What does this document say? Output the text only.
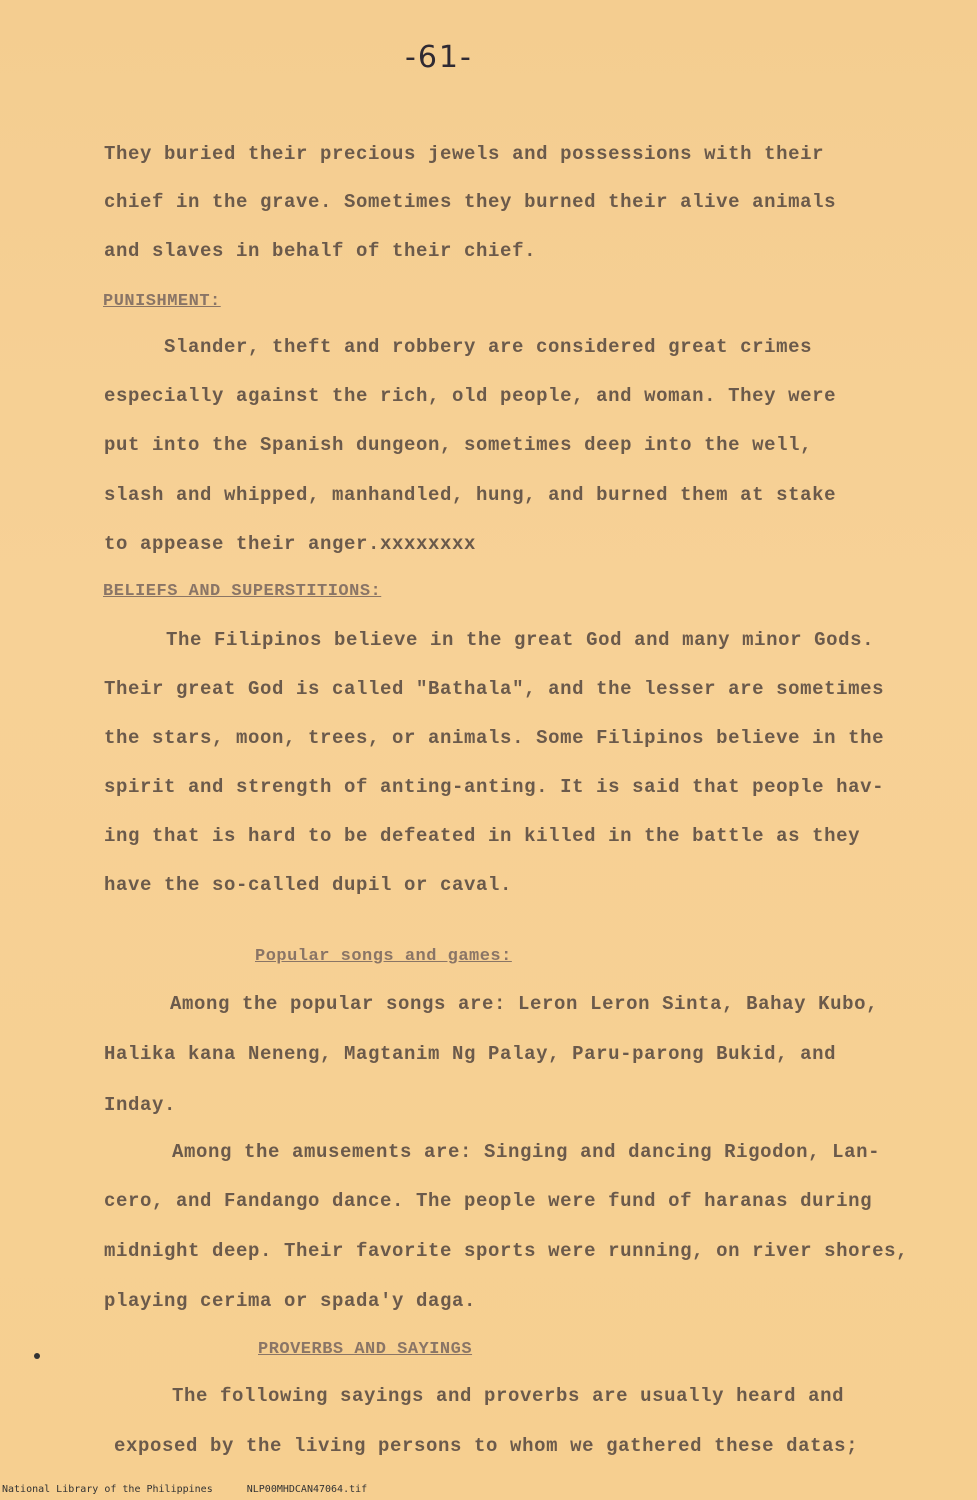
-61-
They buried their precious jewels and possessions with their
chief in the grave. Sometimes they burned their alive animals
and slaves in behalf of their chief.
PUNISHMENT:
Slander, theft and robbery are considered great crimes
especially against the rich, old people, and woman. They were
put into the Spanish dungeon, sometimes deep into the well,
slash and whipped, manhandled, hung, and burned them at stake
to appease their anger.xxxxxxxx
BELIEFS AND SUPERSTITIONS:
The Filipinos believe in the great God and many minor Gods.
Their great God is called "Bathala", and the lesser are sometimes
the stars, moon, trees, or animals. Some Filipinos believe in the
spirit and strength of anting-anting. It is said that people hav-
ing that is hard to be defeated in killed in the battle as they
have the so-called dupil or caval.
Popular songs and games:
Among the popular songs are: Leron Leron Sinta, Bahay Kubo,
Halika kana Neneng, Magtanim Ng Palay, Paru-parong Bukid, and
Inday.
Among the amusements are: Singing and dancing Rigodon, Lan-
cero, and Fandango dance. The people were fund of haranas during
midnight deep. Their favorite sports were running, on river shores,
playing cerima or spada'y daga.
PROVERBS AND SAYINGS
The following sayings and proverbs are usually heard and
exposed by the living persons to whom we gathered these datas;
National Library of the Philippines	NLP00MHDCAN47064.tif
